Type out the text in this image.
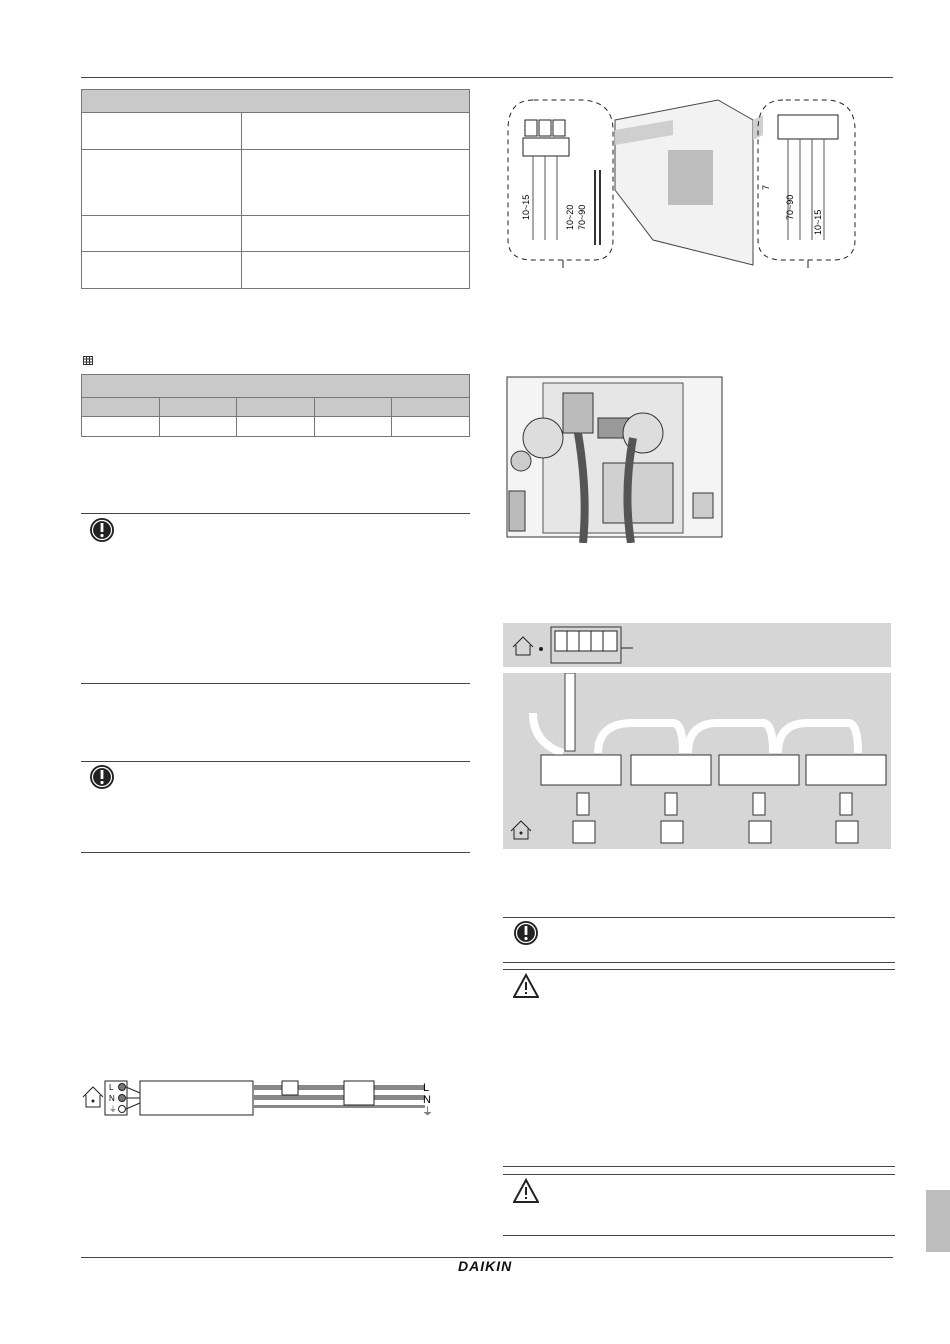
L
N
⏚
L
N
⏚
10~15	10~20 70~90
7
70~90
10~15
DAIKIN
